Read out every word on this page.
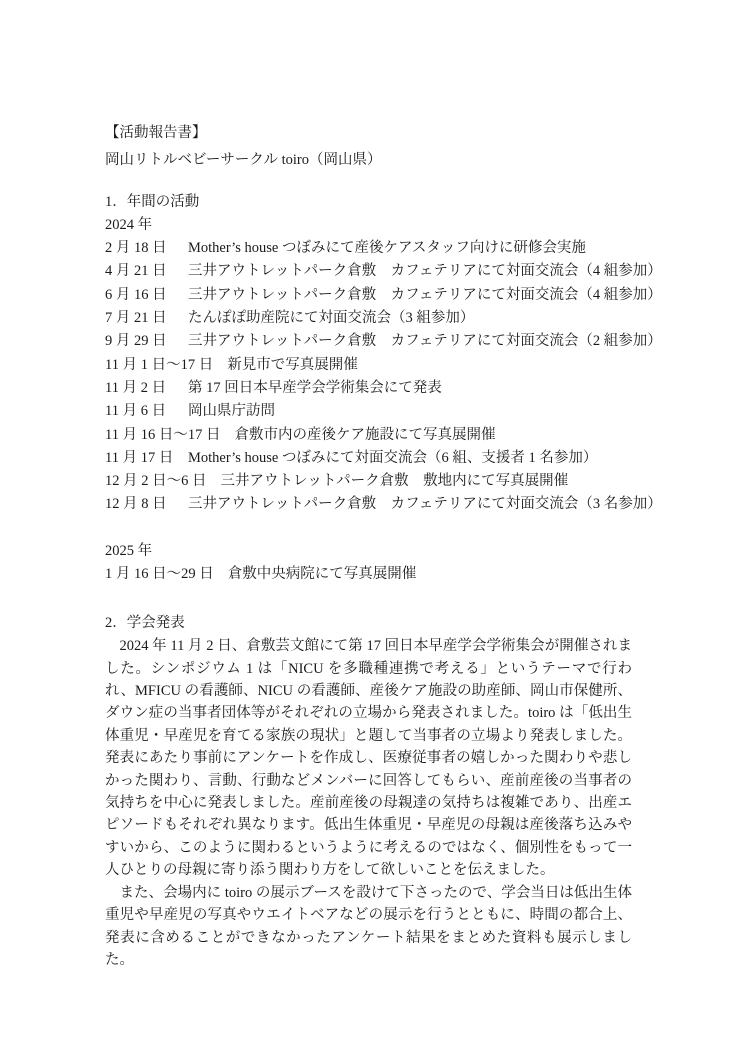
【活動報告書】
岡山リトルベビーサークル toiro（岡山県）
1．年間の活動
2024 年
2 月 18 日 Mother’s house つぼみにて産後ケアスタッフ向けに研修会実施
4 月 21 日 三井アウトレットパーク倉敷　カフェテリアにて対面交流会（4 組参加）
6 月 16 日 三井アウトレットパーク倉敷　カフェテリアにて対面交流会（4 組参加）
7 月 21 日 たんぽぽ助産院にて対面交流会（3 組参加）
9 月 29 日 三井アウトレットパーク倉敷　カフェテリアにて対面交流会（2 組参加）
11 月 1 日～17 日 新見市で写真展開催
11 月 2 日 第 17 回日本早産学会学術集会にて発表
11 月 6 日 岡山県庁訪問
11 月 16 日～17 日 倉敷市内の産後ケア施設にて写真展開催
11 月 17 日 Mother’s house つぼみにて対面交流会（6 組、支援者 1 名参加）
12 月 2 日～6 日 三井アウトレットパーク倉敷　敷地内にて写真展開催
12 月 8 日 三井アウトレットパーク倉敷　カフェテリアにて対面交流会（3 名参加）
2025 年
1 月 16 日～29 日 倉敷中央病院にて写真展開催
2．学会発表

2024 年 11 月 2 日、倉敷芸文館にて第 17 回日本早産学会学術集会が開催されました。シンポジウム 1 は「NICU を多職種連携で考える」というテーマで行われ、MFICU の看護師、NICU の看護師、産後ケア施設の助産師、岡山市保健所、ダウン症の当事者団体等がそれぞれの立場から発表されました。toiro は「低出生体重児・早産児を育てる家族の現状」と題して当事者の立場より発表しました。発表にあたり事前にアンケートを作成し、医療従事者の嬉しかった関わりや悲しかった関わり、言動、行動などメンバーに回答してもらい、産前産後の当事者の気持ちを中心に発表しました。産前産後の母親達の気持ちは複雑であり、出産エピソードもそれぞれ異なります。低出生体重児・早産児の母親は産後落ち込みやすいから、このように関わるというように考えるのではなく、個別性をもって一人ひとりの母親に寄り添う関わり方をして欲しいことを伝えました。

また、会場内に toiro の展示ブースを設けて下さったので、学会当日は低出生体重児や早産児の写真やウエイトベアなどの展示を行うとともに、時間の都合上、発表に含めることができなかったアンケート結果をまとめた資料も展示しました。
